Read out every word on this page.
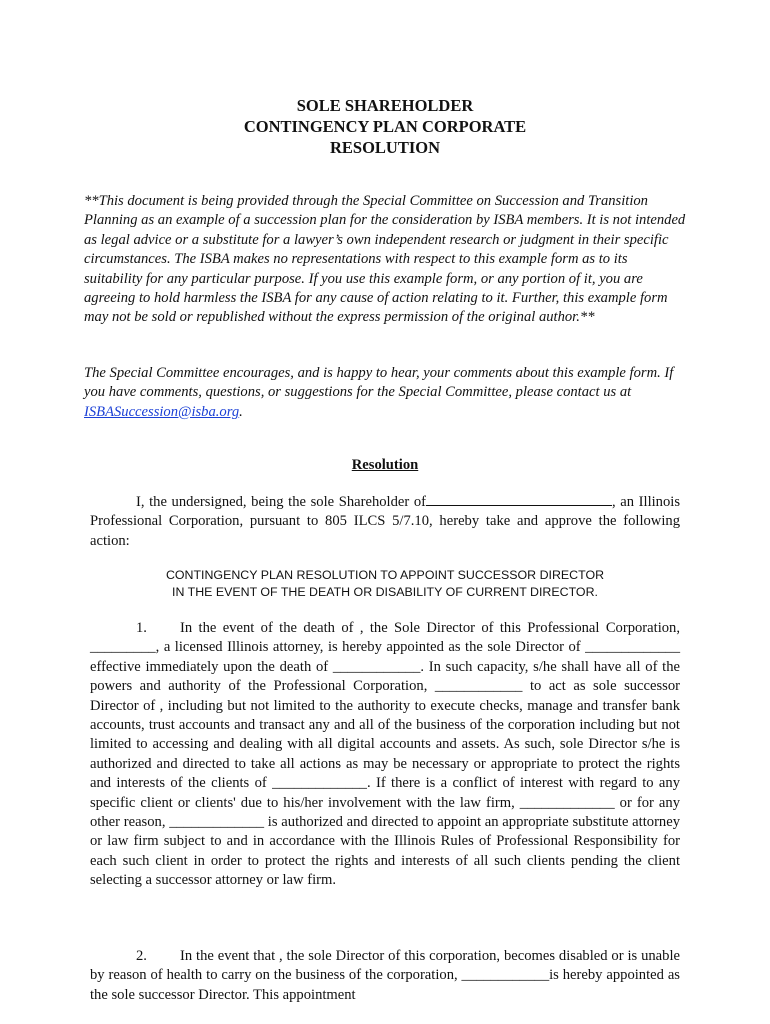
SOLE SHAREHOLDER
CONTINGENCY PLAN CORPORATE
RESOLUTION
**This document is being provided through the Special Committee on Succession and Transition Planning as an example of a succession plan for the consideration by ISBA members. It is not intended as legal advice or a substitute for a lawyer’s own independent research or judgment in their specific circumstances. The ISBA makes no representations with respect to this example form as to its suitability for any particular purpose. If you use this example form, or any portion of it, you are agreeing to hold harmless the ISBA for any cause of action relating to it. Further, this example form may not be sold or republished without the express permission of the original author.**
The Special Committee encourages, and is happy to hear, your comments about this example form. If you have comments, questions, or suggestions for the Special Committee, please contact us at ISBASuccession@isba.org.
Resolution
I, the undersigned, being the sole Shareholder of	, an Illinois Professional Corporation, pursuant to 805 ILCS 5/7.10, hereby take and approve the following action:
CONTINGENCY PLAN RESOLUTION TO APPOINT SUCCESSOR DIRECTOR
IN THE EVENT OF THE DEATH OR DISABILITY OF CURRENT DIRECTOR.
1. In the event of the death of , the Sole Director of this Professional Corporation, _________, a licensed Illinois attorney, is hereby appointed as the sole Director of _____________ effective immediately upon the death of ____________. In such capacity, s/he shall have all of the powers and authority of the Professional Corporation, ____________ to act as sole successor Director of , including but not limited to the authority to execute checks, manage and transfer bank accounts, trust accounts and transact any and all of the business of the corporation including but not limited to accessing and dealing with all digital accounts and assets. As such, sole Director s/he is authorized and directed to take all actions as may be necessary or appropriate to protect the rights and interests of the clients of _____________. If there is a conflict of interest with regard to any specific client or clients' due to his/her involvement with the law firm, _____________ or for any other reason, _____________ is authorized and directed to appoint an appropriate substitute attorney or law firm subject to and in accordance with the Illinois Rules of Professional Responsibility for each such client in order to protect the rights and interests of all such clients pending the client selecting a successor attorney or law firm.
2. In the event that , the sole Director of this corporation, becomes disabled or is unable by reason of health to carry on the business of the corporation, ____________is hereby appointed as the sole successor Director. This appointment
